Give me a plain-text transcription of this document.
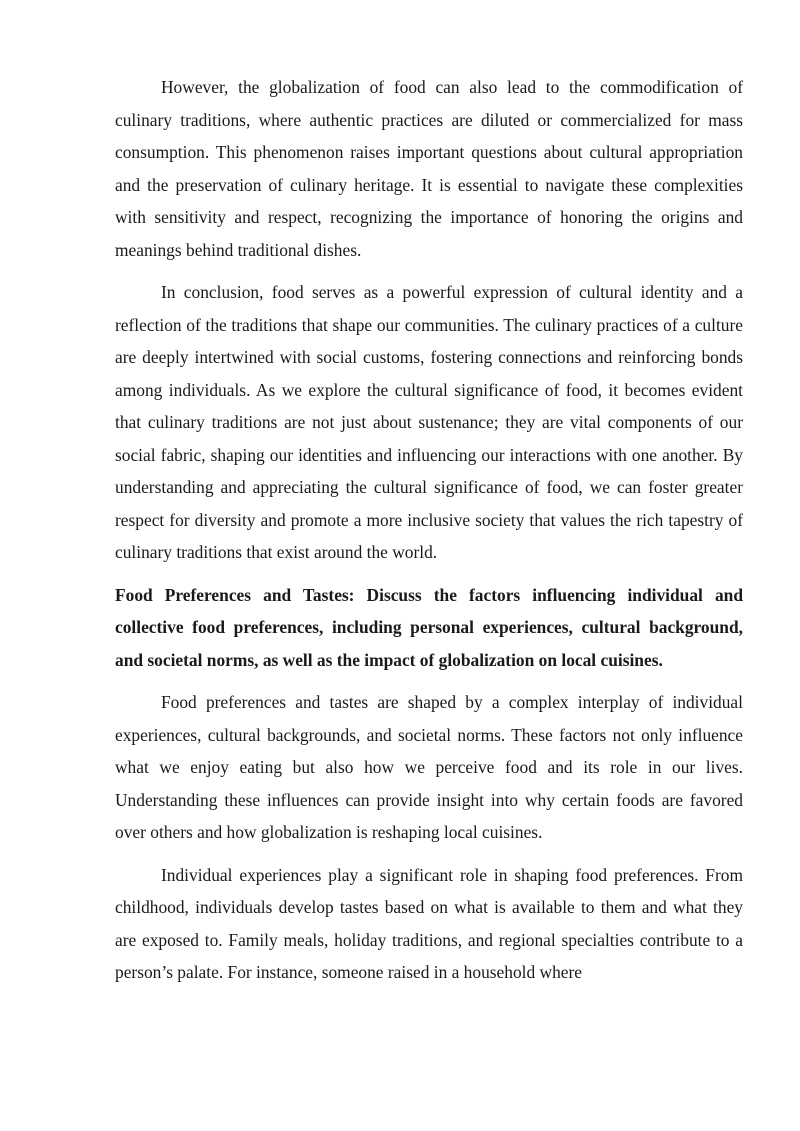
However, the globalization of food can also lead to the commodification of culinary traditions, where authentic practices are diluted or commercialized for mass consumption. This phenomenon raises important questions about cultural appropriation and the preservation of culinary heritage. It is essential to navigate these complexities with sensitivity and respect, recognizing the importance of honoring the origins and meanings behind traditional dishes.

In conclusion, food serves as a powerful expression of cultural identity and a reflection of the traditions that shape our communities. The culinary practices of a culture are deeply intertwined with social customs, fostering connections and reinforcing bonds among individuals. As we explore the cultural significance of food, it becomes evident that culinary traditions are not just about sustenance; they are vital components of our social fabric, shaping our identities and influencing our interactions with one another. By understanding and appreciating the cultural significance of food, we can foster greater respect for diversity and promote a more inclusive society that values the rich tapestry of culinary traditions that exist around the world.

Food Preferences and Tastes: Discuss the factors influencing individual and collective food preferences, including personal experiences, cultural background, and societal norms, as well as the impact of globalization on local cuisines.

Food preferences and tastes are shaped by a complex interplay of individual experiences, cultural backgrounds, and societal norms. These factors not only influence what we enjoy eating but also how we perceive food and its role in our lives. Understanding these influences can provide insight into why certain foods are favored over others and how globalization is reshaping local cuisines.

Individual experiences play a significant role in shaping food preferences. From childhood, individuals develop tastes based on what is available to them and what they are exposed to. Family meals, holiday traditions, and regional specialties contribute to a person’s palate. For instance, someone raised in a household where
